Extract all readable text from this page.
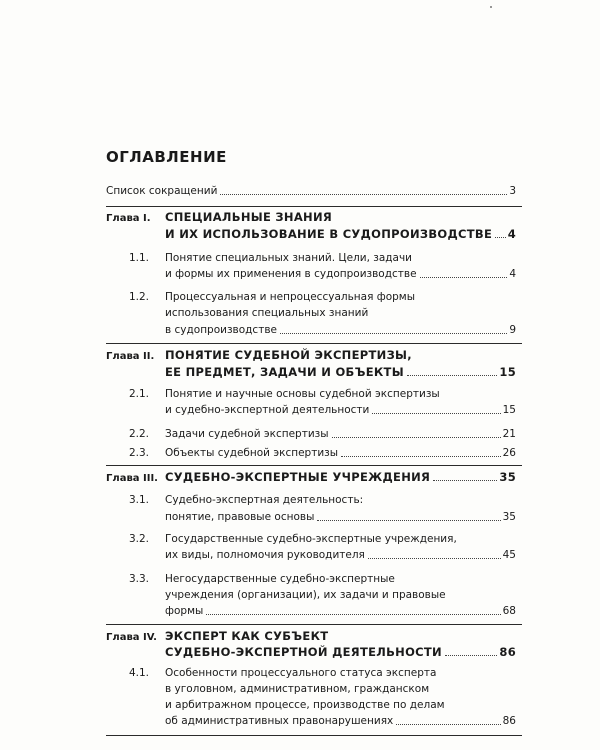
ОГЛАВЛЕНИЕ
Список сокращений	3
Глава I. СПЕЦИАЛЬНЫЕ ЗНАНИЯ
И ИХ ИСПОЛЬЗОВАНИЕ В СУДОПРОИЗВОДСТВЕ 4
1.1. Понятие специальных знаний. Цели, задачи
и формы их применения в судопроизводстве	4
1.2. Процессуальная и непроцессуальная формы
использования специальных знаний
в судопроизводстве	9
Глава II. ПОНЯТИЕ СУДЕБНОЙ ЭКСПЕРТИЗЫ,
ЕЕ ПРЕДМЕТ, ЗАДАЧИ И ОБЪЕКТЫ	15
2.1. Понятие и научные основы судебной экспертизы
и судебно-экспертной деятельности	15
2.2. Задачи судебной экспертизы	21
2.3. Объекты судебной экспертизы	26
Глава III. СУДЕБНО-ЭКСПЕРТНЫЕ УЧРЕЖДЕНИЯ	35
3.1. Судебно-экспертная деятельность:
понятие, правовые основы	35
3.2. Государственные судебно-экспертные учреждения,
их виды, полномочия руководителя	45
3.3. Негосударственные судебно-экспертные
учреждения (организации), их задачи и правовые
формы	68
Глава IV. ЭКСПЕРТ КАК СУБЪЕКТ
СУДЕБНО-ЭКСПЕРТНОЙ ДЕЯТЕЛЬНОСТИ	86
4.1. Особенности процессуального статуса эксперта
в уголовном, административном, гражданском
и арбитражном процессе, производстве по делам
об административных правонарушениях	86
